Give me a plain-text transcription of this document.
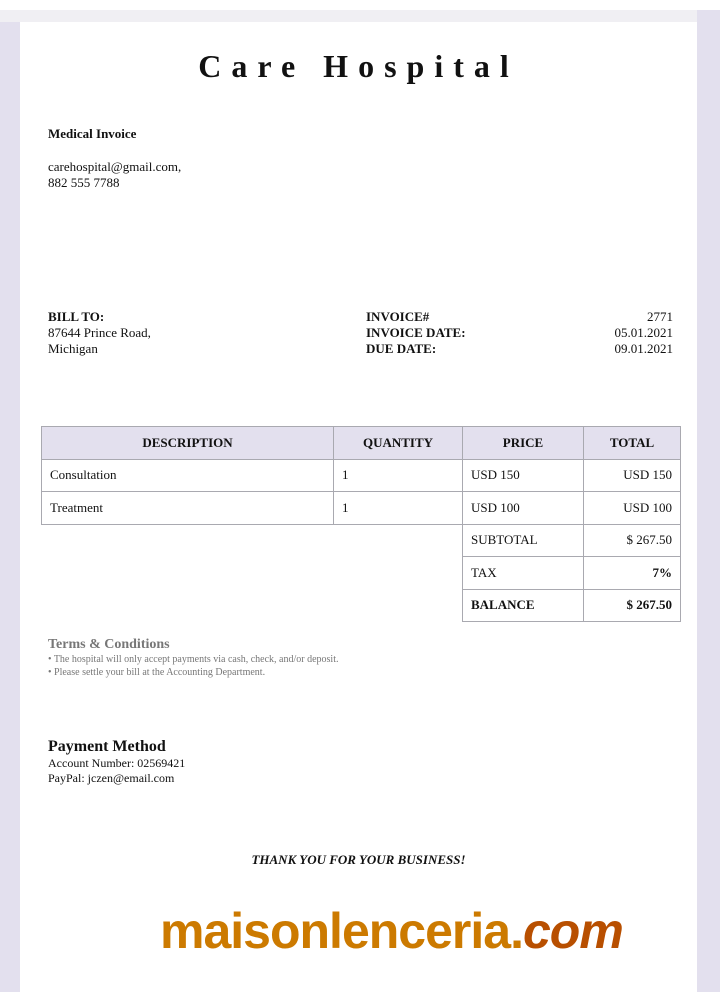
Care Hospital
Medical Invoice
carehospital@gmail.com,
882 555 7788
BILL TO:
87644 Prince Road,
Michigan
INVOICE#	2771
INVOICE DATE:	05.01.2021
DUE DATE:	09.01.2021
DESCRIPTION	QUANTITY	PRICE	TOTAL
Consultation	1	USD 150	USD 150
Treatment	1	USD 100	USD 100
		SUBTOTAL	$ 267.50
		TAX	7%
		BALANCE	$ 267.50
Terms & Conditions
• The hospital will only accept payments via cash, check, and/or deposit.
• Please settle your bill at the Accounting Department.
Payment Method
Account Number: 02569421
PayPal: jczen@email.com
THANK YOU FOR YOUR BUSINESS!
maisonlenceria.com
